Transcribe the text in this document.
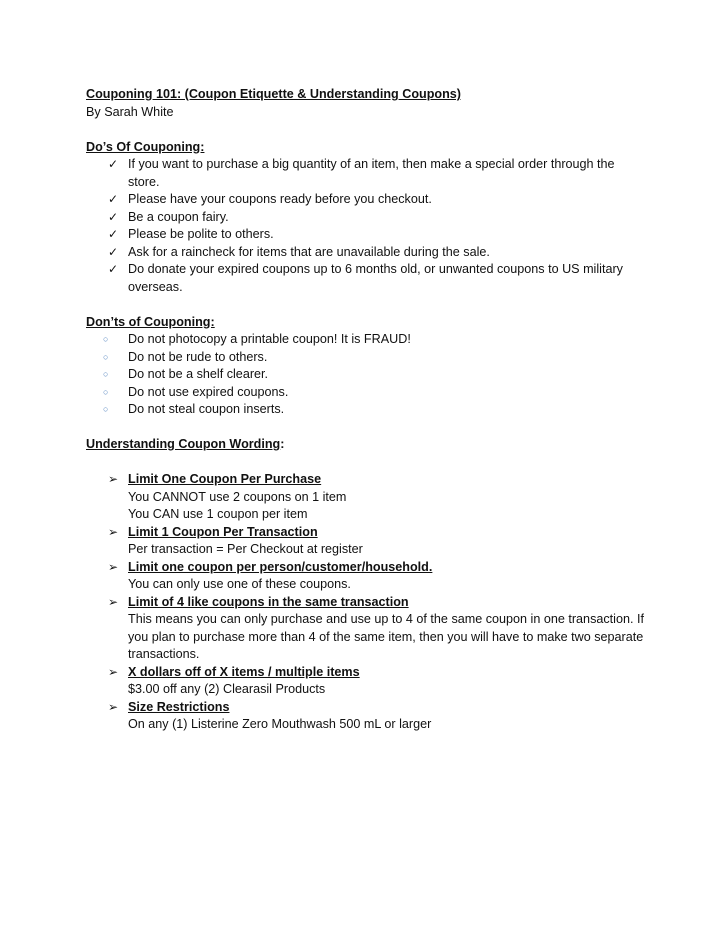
Couponing 101: (Coupon Etiquette & Understanding Coupons)
By Sarah White
Do’s Of Couponing:
✓ If you want to purchase a big quantity of an item, then make a special order through the store.
✓ Please have your coupons ready before you checkout.
✓ Be a coupon fairy.
✓ Please be polite to others.
✓ Ask for a raincheck for items that are unavailable during the sale.
✓ Do donate your expired coupons up to 6 months old, or unwanted coupons to US military overseas.
Don’ts of Couponing:
○ Do not photocopy a printable coupon! It is FRAUD!
○ Do not be rude to others.
○ Do not be a shelf clearer.
○ Do not use expired coupons.
○ Do not steal coupon inserts.
Understanding Coupon Wording:
➢ Limit One Coupon Per Purchase
You CANNOT use 2 coupons on 1 item
You CAN use 1 coupon per item
➢ Limit 1 Coupon Per Transaction
Per transaction = Per Checkout at register
➢ Limit one coupon per person/customer/household.
You can only use one of these coupons.
➢ Limit of 4 like coupons in the same transaction
This means you can only purchase and use up to 4 of the same coupon in one transaction. If you plan to purchase more than 4 of the same item, then you will have to make two separate transactions.
➢ X dollars off of X items / multiple items
$3.00 off any (2) Clearasil Products
➢ Size Restrictions
On any (1) Listerine Zero Mouthwash 500 mL or larger
